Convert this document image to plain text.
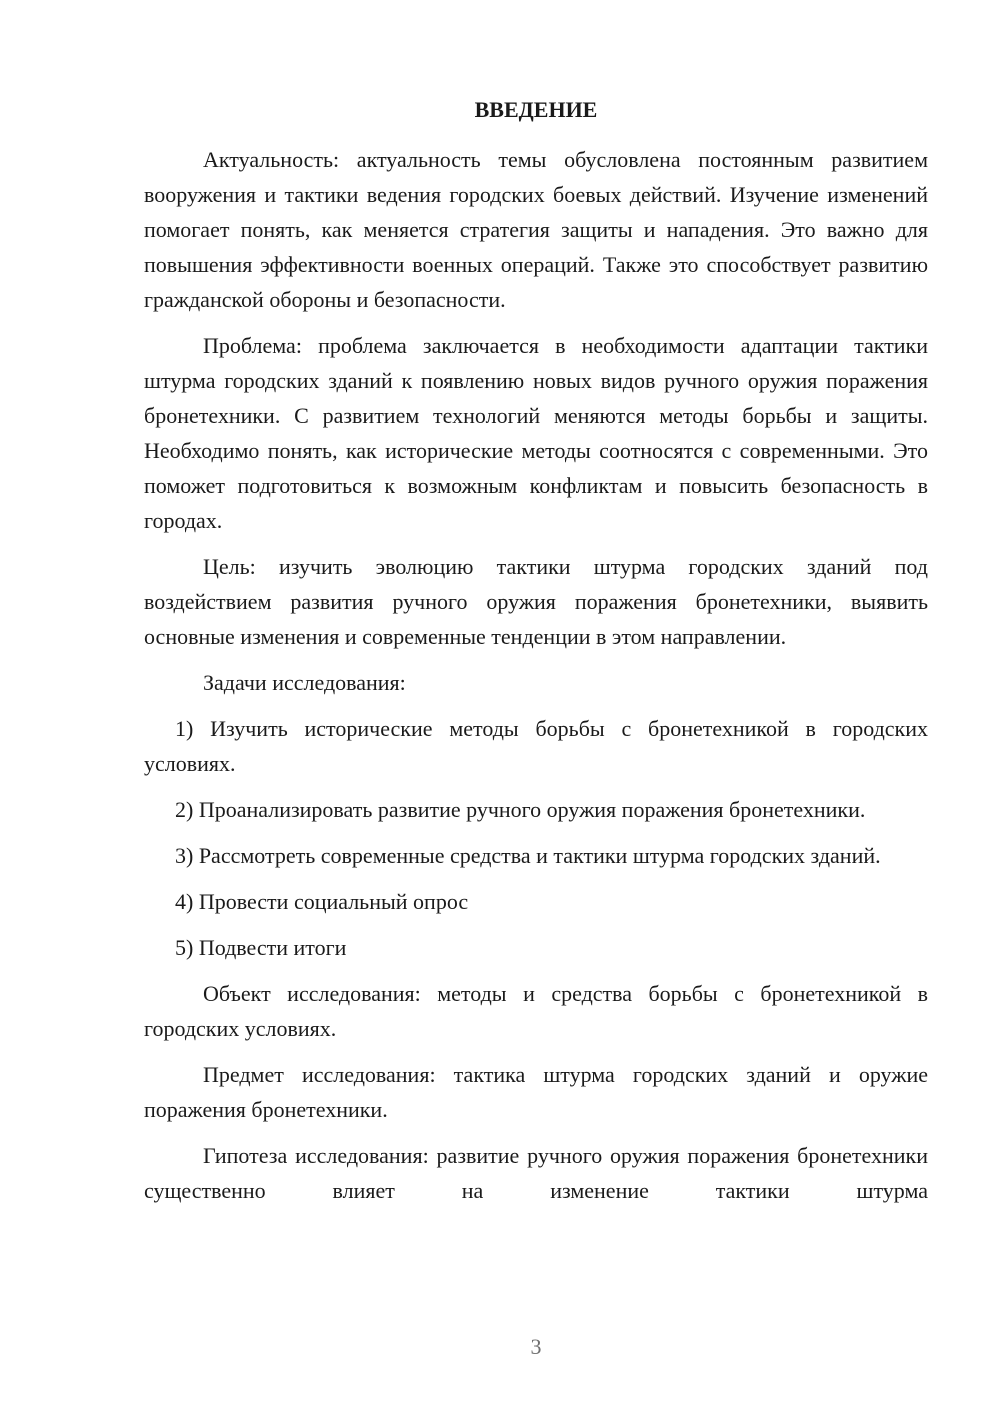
ВВЕДЕНИЕ

Актуальность: актуальность темы обусловлена постоянным развитием вооружения и тактики ведения городских боевых действий. Изучение изменений помогает понять, как меняется стратегия защиты и нападения. Это важно для повышения эффективности военных операций. Также это способствует развитию гражданской обороны и безопасности.

Проблема: проблема заключается в необходимости адаптации тактики штурма городских зданий к появлению новых видов ручного оружия поражения бронетехники. С развитием технологий меняются методы борьбы и защиты. Необходимо понять, как исторические методы соотносятся с современными. Это поможет подготовиться к возможным конфликтам и повысить безопасность в городах.

Цель: изучить эволюцию тактики штурма городских зданий под воздействием развития ручного оружия поражения бронетехники, выявить основные изменения и современные тенденции в этом направлении.

Задачи исследования:

1) Изучить исторические методы борьбы с бронетехникой в городских условиях.

2) Проанализировать развитие ручного оружия поражения бронетехники.

3) Рассмотреть современные средства и тактики штурма городских зданий.

4) Провести социальный опрос

5) Подвести итоги

Объект исследования: методы и средства борьбы с бронетехникой в городских условиях.

Предмет исследования: тактика штурма городских зданий и оружие поражения бронетехники.

Гипотеза исследования: развитие ручного оружия поражения бронетехники существенно влияет на изменение тактики штурма

3
